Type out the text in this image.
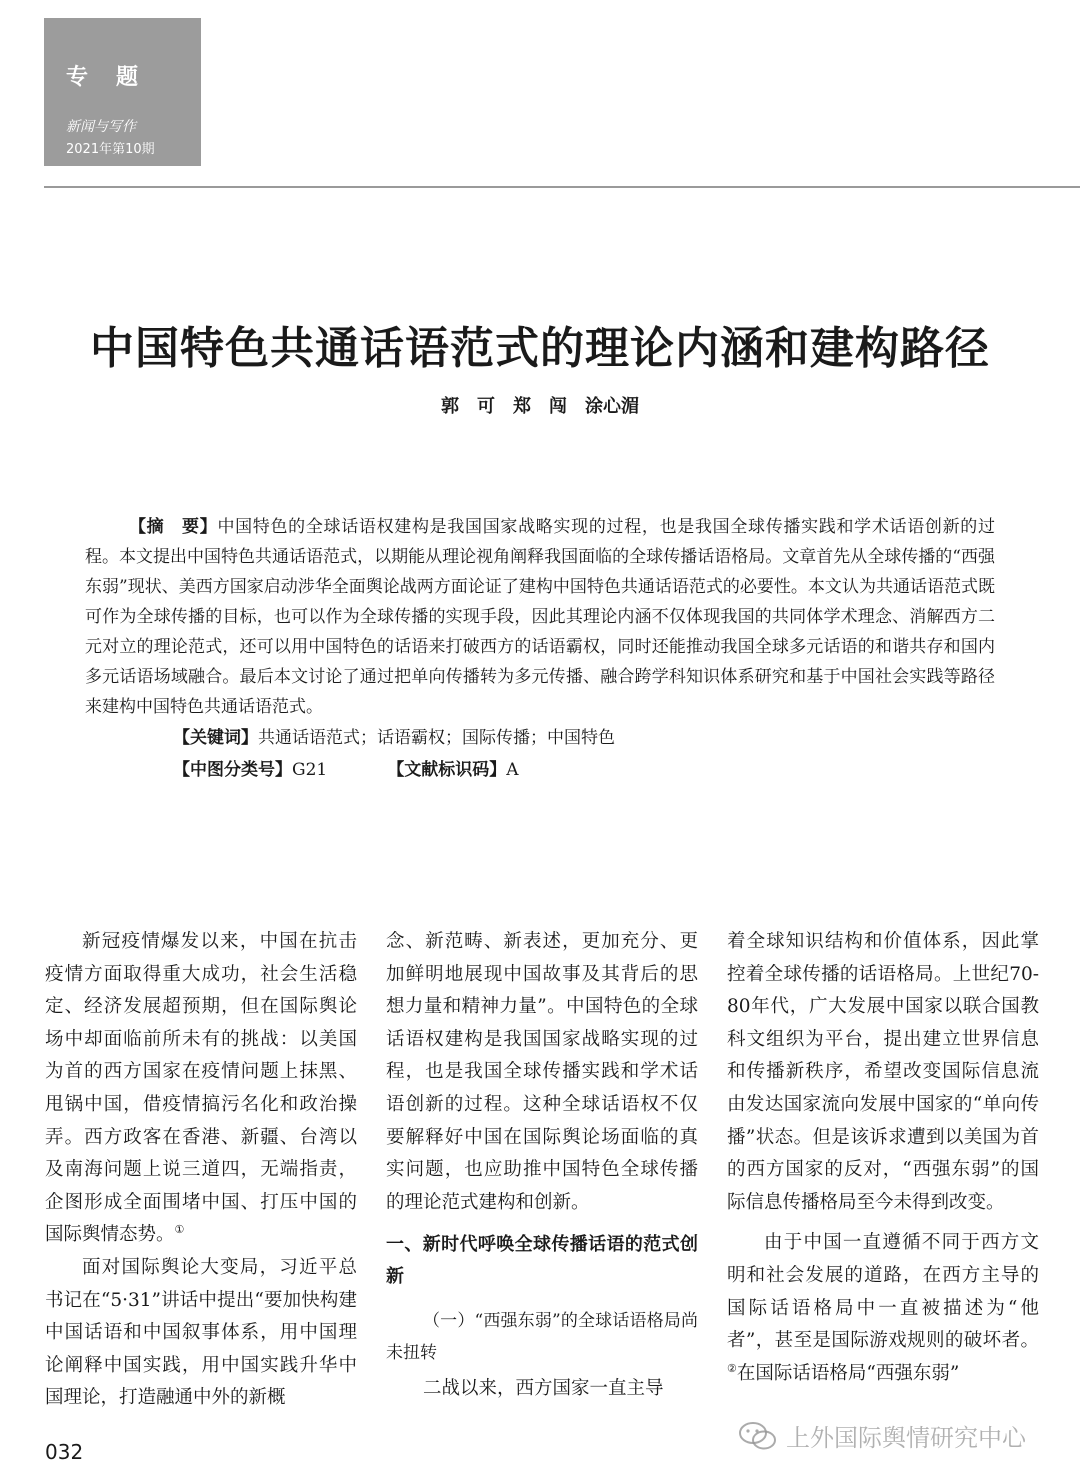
专题
新闻与写作
2021年第10期
中国特色共通话语范式的理论内涵和建构路径
郭　可　郑　闯　涂心湄

【摘　要】中国特色的全球话语权建构是我国国家战略实现的过程，也是我国全球传播实践和学术话语创新的过程。本文提出中国特色共通话语范式，以期能从理论视角阐释我国面临的全球传播话语格局。文章首先从全球传播的“西强东弱”现状、美西方国家启动涉华全面舆论战两方面论证了建构中国特色共通话语范式的必要性。本文认为共通话语范式既可作为全球传播的目标，也可以作为全球传播的实现手段，因此其理论内涵不仅体现我国的共同体学术理念、消解西方二元对立的理论范式，还可以用中国特色的话语来打破西方的话语霸权，同时还能推动我国全球多元话语的和谐共存和国内多元话语场域融合。最后本文讨论了通过把单向传播转为多元传播、融合跨学科知识体系研究和基于中国社会实践等路径来建构中国特色共通话语范式。

【关键词】共通话语范式；话语霸权；国际传播；中国特色

【中图分类号】G21	【文献标识码】A

新冠疫情爆发以来，中国在抗击疫情方面取得重大成功，社会生活稳定、经济发展超预期，但在国际舆论场中却面临前所未有的挑战：以美国为首的西方国家在疫情问题上抹黑、甩锅中国，借疫情搞污名化和政治操弄。西方政客在香港、新疆、台湾以及南海问题上说三道四，无端指责，企图形成全面围堵中国、打压中国的国际舆情态势。①

面对国际舆论大变局，习近平总书记在“5·31”讲话中提出“要加快构建中国话语和中国叙事体系，用中国理论阐释中国实践，用中国实践升华中国理论，打造融通中外的新概

念、新范畴、新表述，更加充分、更加鲜明地展现中国故事及其背后的思想力量和精神力量”。中国特色的全球话语权建构是我国国家战略实现的过程，也是我国全球传播实践和学术话语创新的过程。这种全球话语权不仅要解释好中国在国际舆论场面临的真实问题，也应助推中国特色全球传播的理论范式建构和创新。

一、新时代呼唤全球传播话语的范式创新

（一）“西强东弱”的全球话语格局尚未扭转

二战以来，西方国家一直主导

着全球知识结构和价值体系，因此掌控着全球传播的话语格局。上世纪70-80年代，广大发展中国家以联合国教科文组织为平台，提出建立世界信息和传播新秩序，希望改变国际信息流由发达国家流向发展中国家的“单向传播”状态。但是该诉求遭到以美国为首的西方国家的反对，“西强东弱”的国际信息传播格局至今未得到改变。

由于中国一直遵循不同于西方文明和社会发展的道路，在西方主导的国际话语格局中一直被描述为“他者”，甚至是国际游戏规则的破坏者。②在国际话语格局“西强东弱”

032	上外国际舆情研究中心
